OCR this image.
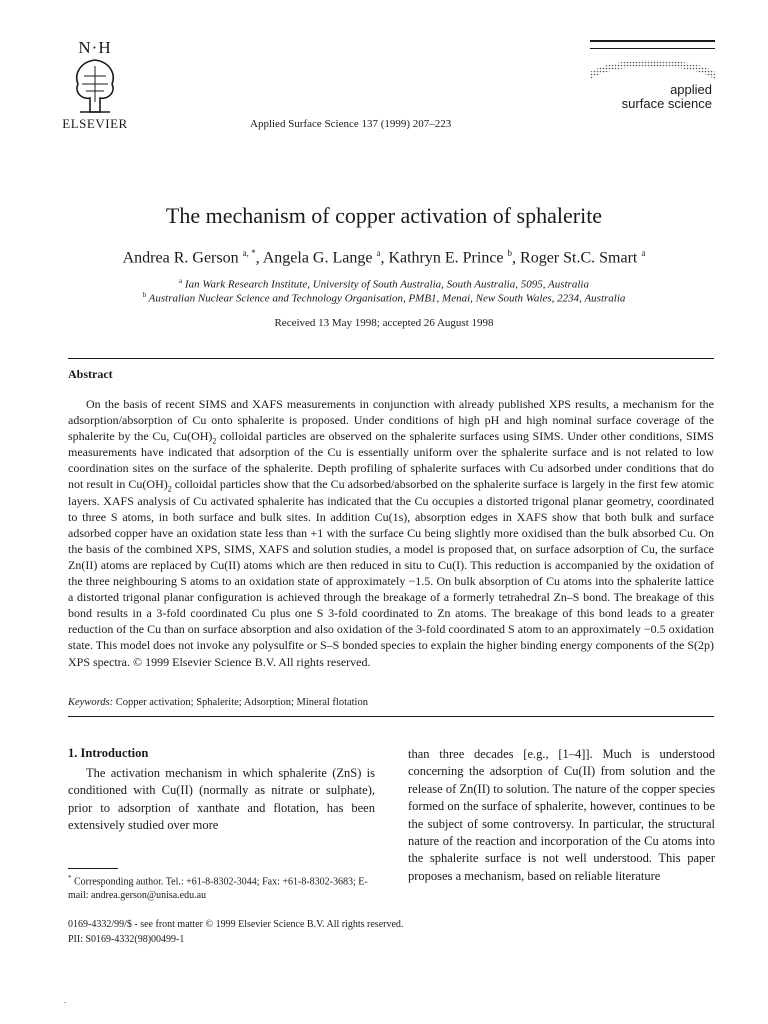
N·H
ELSEVIER	Applied Surface Science 137 (1999) 207–223
applied
surface science
The mechanism of copper activation of sphalerite
Andrea R. Gerson $^{a, *}$, Angela G. Lange $^a$, Kathryn E. Prince $^b$, Roger St.C. Smart $^a$
$^a$ Ian Wark Research Institute, University of South Australia, South Australia, 5095, Australia
$^b$ Australian Nuclear Science and Technology Organisation, PMB1, Menai, New South Wales, 2234, Australia
Received 13 May 1998; accepted 26 August 1998
Abstract
On the basis of recent SIMS and XAFS measurements in conjunction with already published XPS results, a mechanism for the adsorption/absorption of Cu onto sphalerite is proposed. Under conditions of high pH and high nominal surface coverage of the sphalerite by the Cu, $Cu(OH)_2$ colloidal particles are observed on the sphalerite surfaces using SIMS. Under other conditions, SIMS measurements have indicated that adsorption of the Cu is essentially uniform over the sphalerite surface and is not related to low coordination sites on the surface of the sphalerite. Depth profiling of sphalerite surfaces with Cu adsorbed under conditions that do not result in $Cu(OH)_2$ colloidal particles show that the Cu adsorbed/absorbed on the sphalerite surface is largely in the first few atomic layers. XAFS analysis of Cu activated sphalerite has indicated that the Cu occupies a distorted trigonal planar geometry, coordinated to three S atoms, in both surface and bulk sites. In addition Cu(1s), absorption edges in XAFS show that both bulk and surface adsorbed copper have an oxidation state less than +1 with the surface Cu being slightly more oxidised than the bulk absorbed Cu. On the basis of the combined XPS, SIMS, XAFS and solution studies, a model is proposed that, on surface adsorption of Cu, the surface Zn(II) atoms are replaced by Cu(II) atoms which are then reduced in situ to Cu(I). This reduction is accompanied by the oxidation of the three neighbouring S atoms to an oxidation state of approximately −1.5. On bulk absorption of Cu atoms into the sphalerite lattice a distorted trigonal planar configuration is achieved through the breakage of a formerly tetrahedral Zn–S bond. The breakage of this bond results in a 3-fold coordinated Cu plus one S 3-fold coordinated to Zn atoms. The breakage of this bond leads to a greater reduction of the Cu than on surface absorption and also oxidation of the 3-fold coordinated S atom to an approximately −0.5 oxidation state. This model does not invoke any polysulfite or S–S bonded species to explain the higher binding energy components of the S(2p) XPS spectra. © 1999 Elsevier Science B.V. All rights reserved.
Keywords: Copper activation; Sphalerite; Adsorption; Mineral flotation
1. Introduction

The activation mechanism in which sphalerite (ZnS) is conditioned with Cu(II) (normally as nitrate or sulphate), prior to adsorption of xanthate and flotation, has been extensively studied over more

than three decades [e.g., [1–4]]. Much is understood concerning the adsorption of Cu(II) from solution and the release of Zn(II) to solution. The nature of the copper species formed on the surface of sphalerite, however, continues to be the subject of some controversy. In particular, the structural nature of the reaction and incorporation of the Cu atoms into the sphalerite surface is not well understood. This paper proposes a mechanism, based on reliable literature

* Corresponding author. Tel.: +61-8-8302-3044; Fax: +61-8-8302-3683; E-mail: andrea.gerson@unisa.edu.au
0169-4332/99/$ - see front matter © 1999 Elsevier Science B.V. All rights reserved.
PII: S0169-4332(98)00499-1
.
